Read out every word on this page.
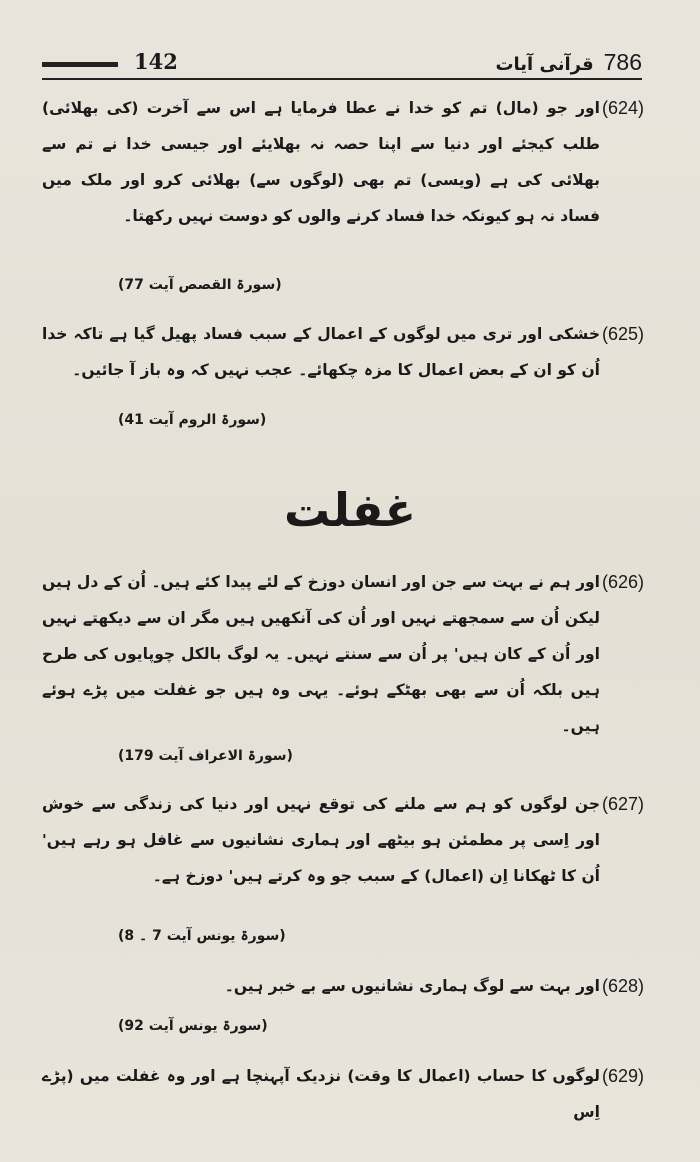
142	قرآنی آیات 786
(624)
اور جو (مال) تم کو خدا نے عطا فرمایا ہے اس سے آخرت (کی بھلائی) طلب کیجئے اور دنیا سے اپنا حصہ نہ بھلایئے اور جیسی خدا نے تم سے بھلائی کی ہے (ویسی) تم بھی (لوگوں سے) بھلائی کرو اور ملک میں فساد نہ ہو کیونکہ خدا فساد کرنے والوں کو دوست نہیں رکھتا۔
(سورۃ القصص آیت 77)
(625)
خشکی اور تری میں لوگوں کے اعمال کے سبب فساد پھیل گیا ہے تاکہ خدا اُن کو ان کے بعض اعمال کا مزہ چکھائے۔ عجب نہیں کہ وہ باز آ جائیں۔
(سورۃ الروم آیت 41)
غفلت
(626)
اور ہم نے بہت سے جن اور انسان دوزخ کے لئے پیدا کئے ہیں۔ اُن کے دل ہیں لیکن اُن سے سمجھتے نہیں اور اُن کی آنکھیں ہیں مگر ان سے دیکھتے نہیں اور اُن کے کان ہیں' پر اُن سے سنتے نہیں۔ یہ لوگ بالکل چوپایوں کی طرح ہیں بلکہ اُن سے بھی بھٹکے ہوئے۔ یہی وہ ہیں جو غفلت میں پڑے ہوئے ہیں۔
(سورۃ الاعراف آیت 179)
(627)
جن لوگوں کو ہم سے ملنے کی توقع نہیں اور دنیا کی زندگی سے خوش اور اِسی پر مطمئن ہو بیٹھے اور ہماری نشانیوں سے غافل ہو رہے ہیں' اُن کا ٹھکانا اِن (اعمال) کے سبب جو وہ کرتے ہیں' دوزخ ہے۔
(سورۃ یونس آیت 7 ۔ 8)
(628)
اور بہت سے لوگ ہماری نشانیوں سے بے خبر ہیں۔
(سورۃ یونس آیت 92)
(629)
لوگوں کا حساب (اعمال کا وقت) نزدیک آپہنچا ہے اور وہ غفلت میں (پڑے اِس
